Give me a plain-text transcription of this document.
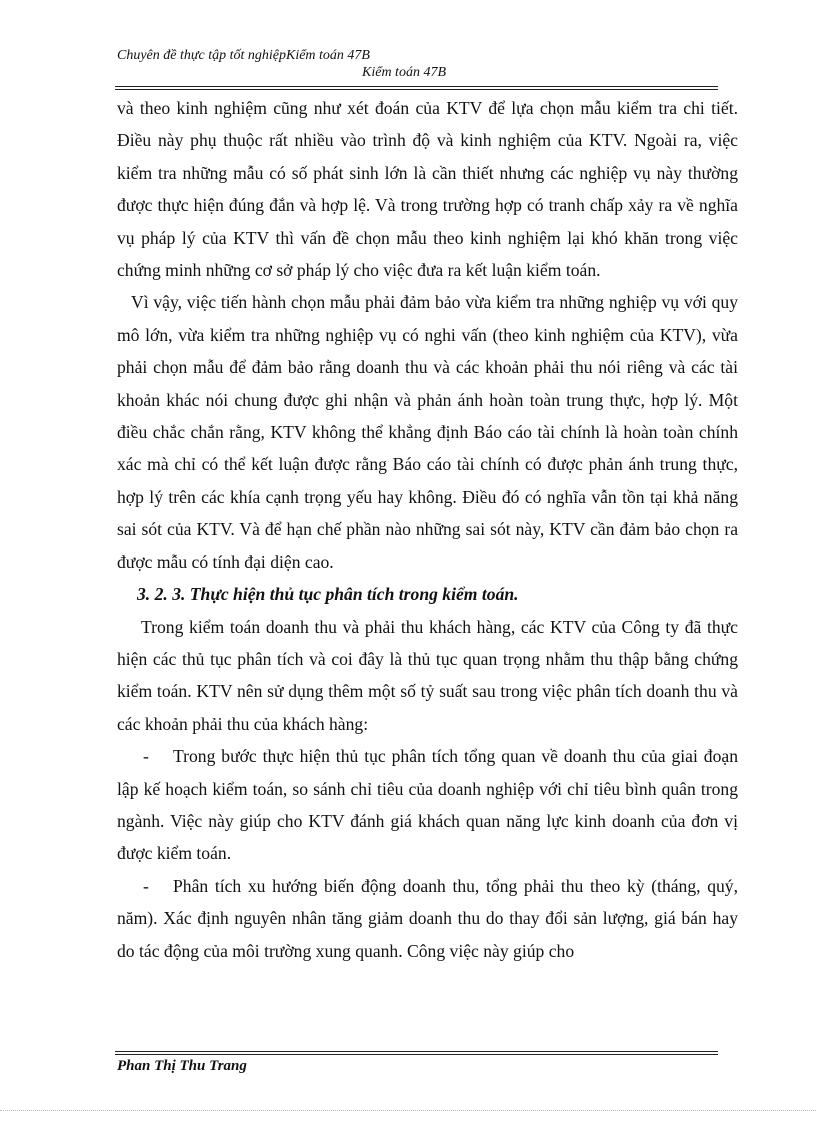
Chuyên đề thực tập tốt nghiệpKiểm toán 47B
Kiểm toán 47B

và theo kinh nghiệm cũng như xét đoán của KTV để lựa chọn mẫu kiểm tra chi tiết. Điều này phụ thuộc rất nhiều vào trình độ và kinh nghiệm của KTV. Ngoài ra, việc kiểm tra những mẫu có số phát sinh lớn là cần thiết nhưng các nghiệp vụ này thường được thực hiện đúng đắn và hợp lệ. Và trong trường hợp có tranh chấp xảy ra về nghĩa vụ pháp lý của KTV thì vấn đề chọn mẫu theo kinh nghiệm lại khó khăn trong việc chứng minh những cơ sở pháp lý cho việc đưa ra kết luận kiểm toán.

Vì vậy, việc tiến hành chọn mẫu phải đảm bảo vừa kiểm tra những nghiệp vụ với quy mô lớn, vừa kiểm tra những nghiệp vụ có nghi vấn (theo kinh nghiệm của KTV), vừa phải chọn mẫu để đảm bảo rằng doanh thu và các khoản phải thu nói riêng và các tài khoản khác nói chung được ghi nhận và phản ánh hoàn toàn trung thực, hợp lý. Một điều chắc chắn rằng, KTV không thể khẳng định Báo cáo tài chính là hoàn toàn chính xác mà chỉ có thể kết luận được rằng Báo cáo tài chính có được phản ánh trung thực, hợp lý trên các khía cạnh trọng yếu hay không. Điều đó có nghĩa vẫn tồn tại khả năng sai sót của KTV. Và để hạn chế phần nào những sai sót này, KTV cần đảm bảo chọn ra được mẫu có tính đại diện cao.

3. 2. 3. Thực hiện thủ tục phân tích trong kiểm toán.

Trong kiểm toán doanh thu và phải thu khách hàng, các KTV của Công ty đã thực hiện các thủ tục phân tích và coi đây là thủ tục quan trọng nhằm thu thập bằng chứng kiểm toán. KTV nên sử dụng thêm một số tỷ suất sau trong việc phân tích doanh thu và các khoản phải thu của khách hàng:

- Trong bước thực hiện thủ tục phân tích tổng quan về doanh thu của giai đoạn lập kế hoạch kiểm toán, so sánh chỉ tiêu của doanh nghiệp với chỉ tiêu bình quân trong ngành. Việc này giúp cho KTV đánh giá khách quan năng lực kinh doanh của đơn vị được kiểm toán.

- Phân tích xu hướng biến động doanh thu, tổng phải thu theo kỳ (tháng, quý, năm). Xác định nguyên nhân tăng giảm doanh thu do thay đổi sản lượng, giá bán hay do tác động của môi trường xung quanh. Công việc này giúp cho

Phan Thị Thu Trang
